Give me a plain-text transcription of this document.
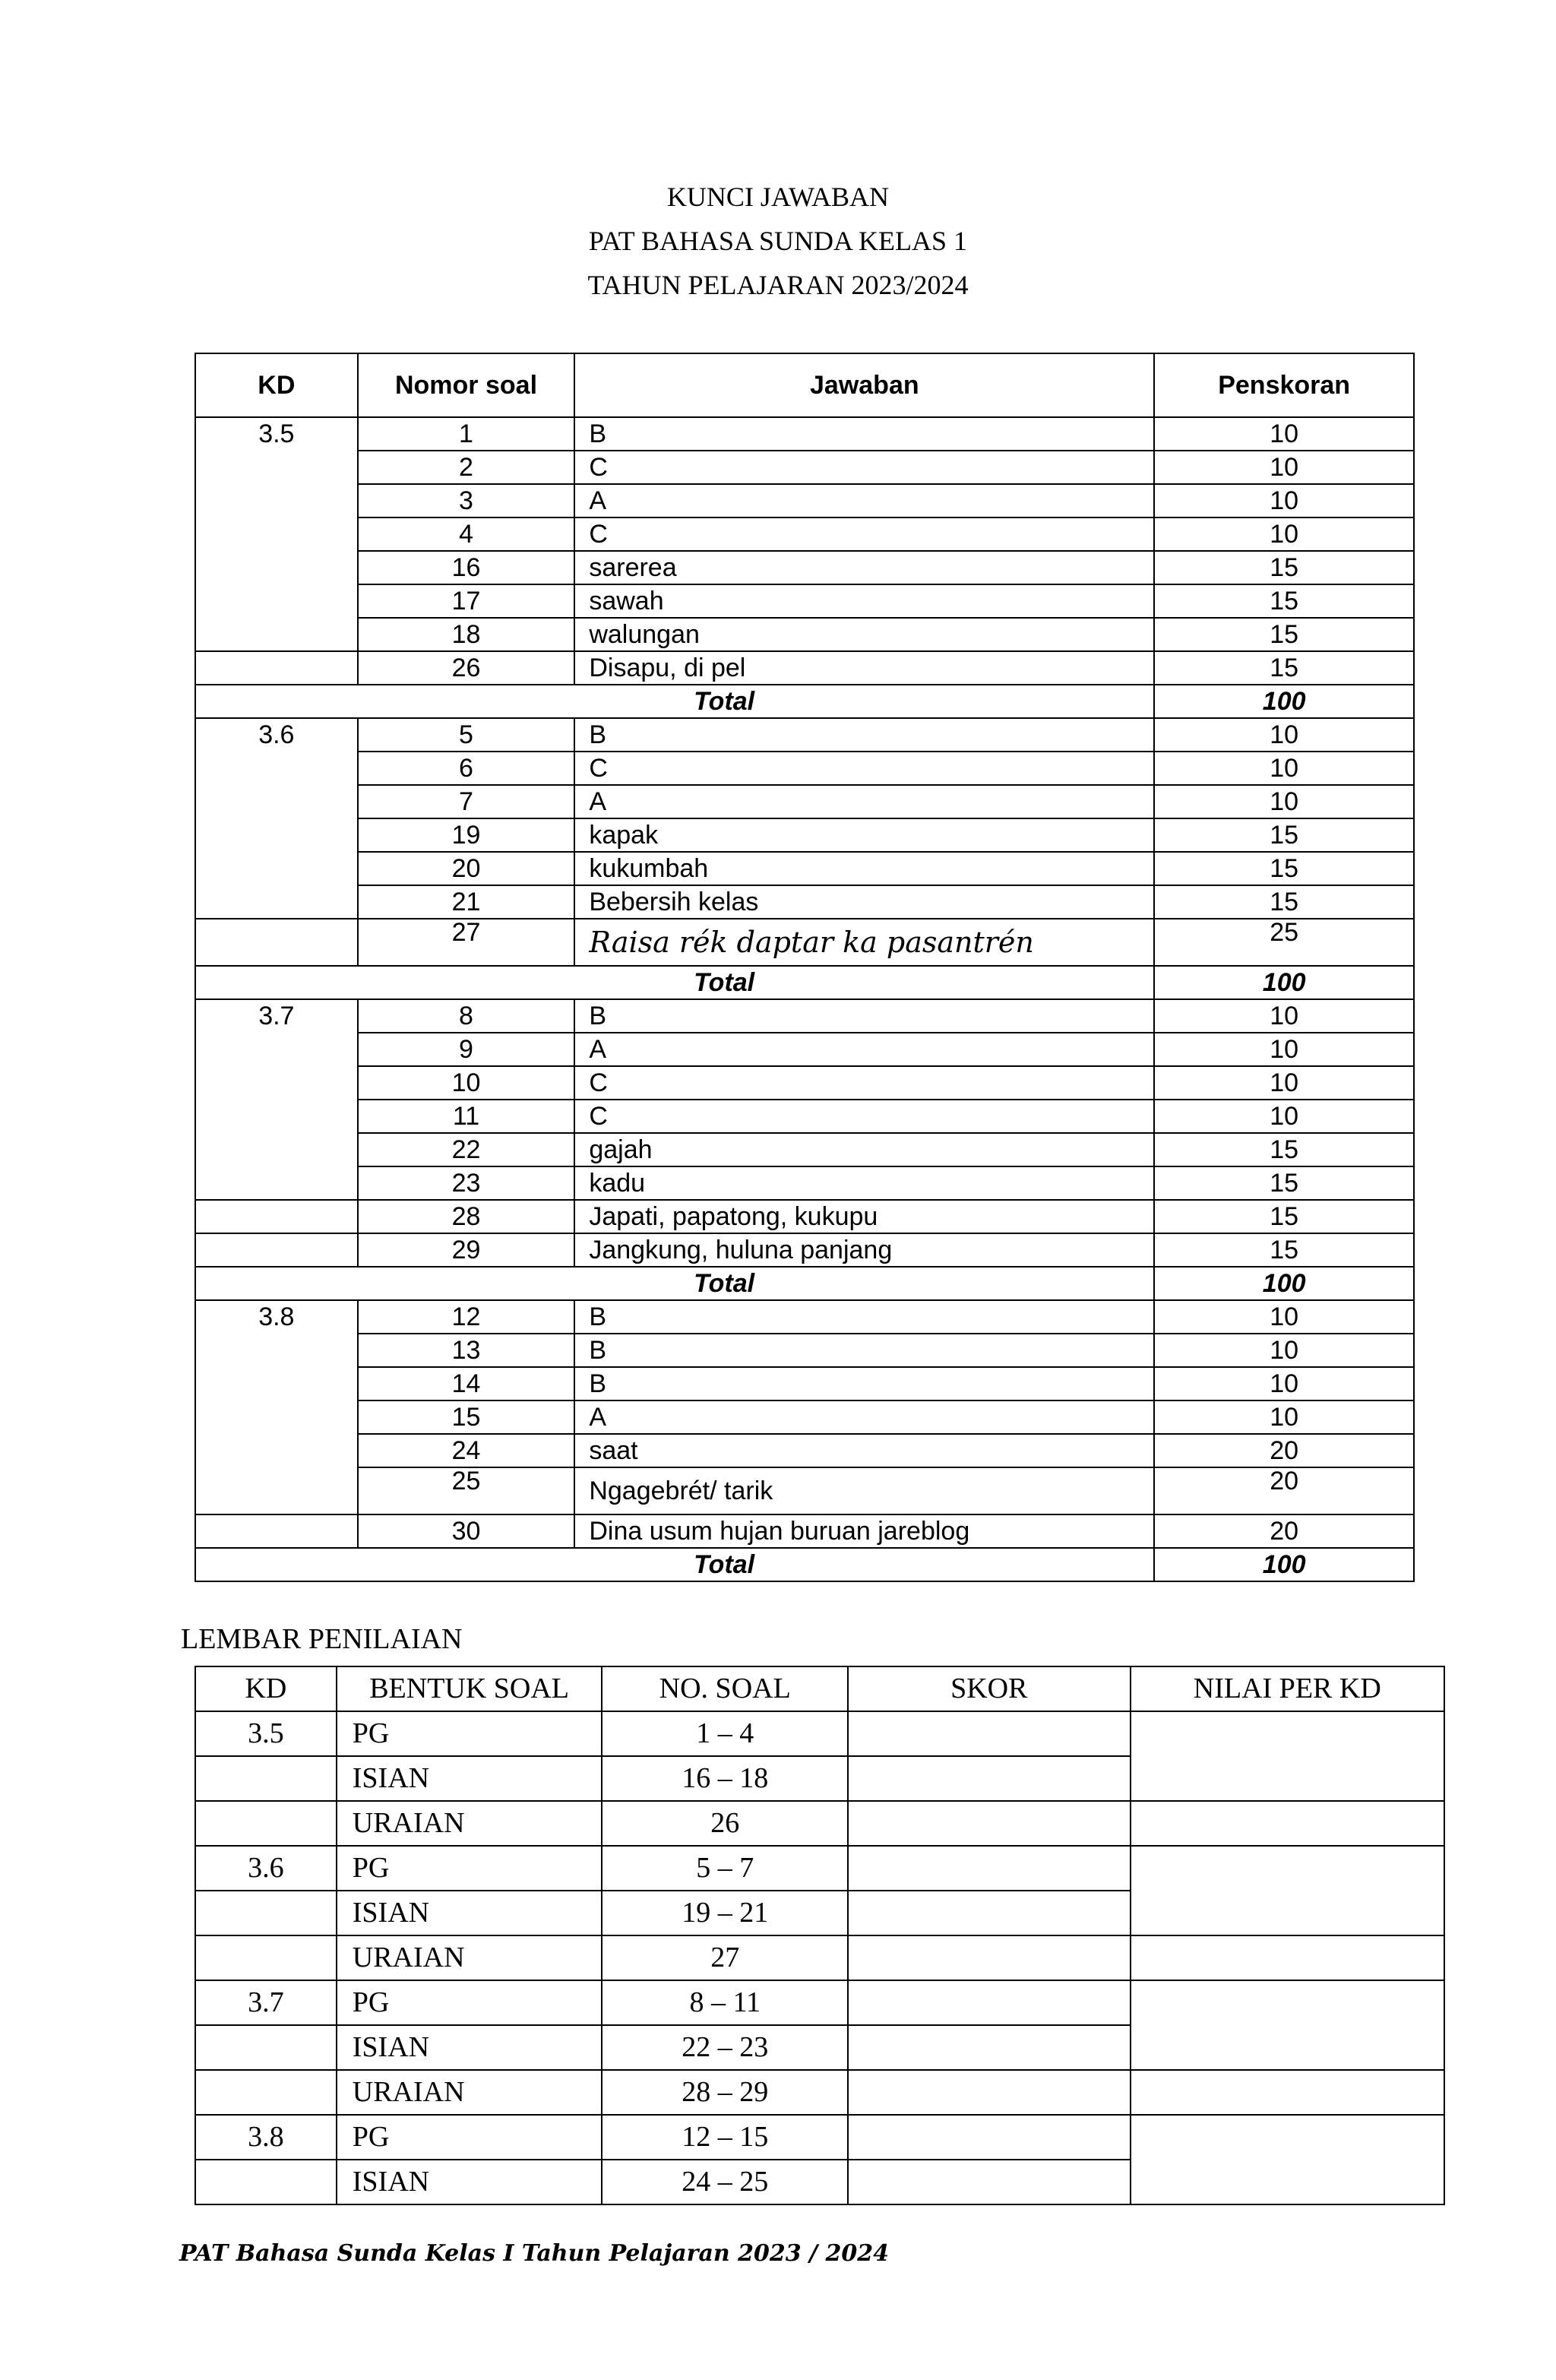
KUNCI JAWABAN
PAT BAHASA SUNDA KELAS 1
TAHUN PELAJARAN 2023/2024
KD	Nomor soal	Jawaban	Penskoran
3.5	1	B	10
	2	C	10
	3	A	10
	4	C	10
	16	sarerea	15
	17	sawah	15
	18	walungan	15
	26	Disapu, di pel	15
Total			100
3.6	5	B	10
	6	C	10
	7	A	10
	19	kapak	15
	20	kukumbah	15
	21	Bebersih kelas	15
	27	Raisa rék daptar ka pasantrén	25
Total			100
3.7	8	B	10
	9	A	10
	10	C	10
	11	C	10
	22	gajah	15
	23	kadu	15
	28	Japati, papatong, kukupu	15
	29	Jangkung, huluna panjang	15
Total			100
3.8	12	B	10
	13	B	10
	14	B	10
	15	A	10
	24	saat	20
	25	Ngagebrét/ tarik	20
	30	Dina usum hujan buruan jareblog	20
Total			100
LEMBAR PENILAIAN
KD	BENTUK SOAL	NO. SOAL	SKOR	NILAI PER KD
3.5	PG	1 – 4		
	ISIAN	16 – 18		
	URAIAN	26		
3.6	PG	5 – 7		
	ISIAN	19 – 21		
	URAIAN	27		
3.7	PG	8 – 11		
	ISIAN	22 – 23		
	URAIAN	28 – 29		
3.8	PG	12 – 15		
	ISIAN	24 – 25		
PAT Bahasa Sunda Kelas I Tahun Pelajaran 2023 / 2024
